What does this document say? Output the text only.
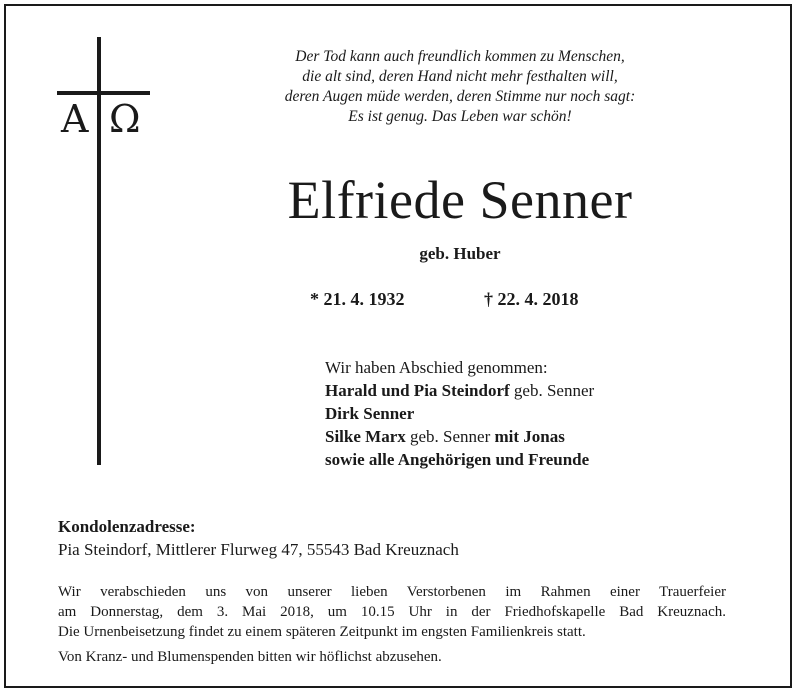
A Ω
Der Tod kann auch freundlich kommen zu Menschen,
die alt sind, deren Hand nicht mehr festhalten will,
deren Augen müde werden, deren Stimme nur noch sagt:
Es ist genug. Das Leben war schön!
Elfriede Senner
geb. Huber
* 21. 4. 1932	† 22. 4. 2018
Wir haben Abschied genommen:
Harald und Pia Steindorf geb. Senner
Dirk Senner
Silke Marx geb. Senner mit Jonas
sowie alle Angehörigen und Freunde
Kondolenzadresse:
Pia Steindorf, Mittlerer Flurweg 47, 55543 Bad Kreuznach
Wir verabschieden uns von unserer lieben Verstorbenen im Rahmen einer Trauerfeier
am Donnerstag, dem 3. Mai 2018, um 10.15 Uhr in der Friedhofskapelle Bad Kreuznach.
Die Urnenbeisetzung findet zu einem späteren Zeitpunkt im engsten Familienkreis statt.
Von Kranz- und Blumenspenden bitten wir höflichst abzusehen.
